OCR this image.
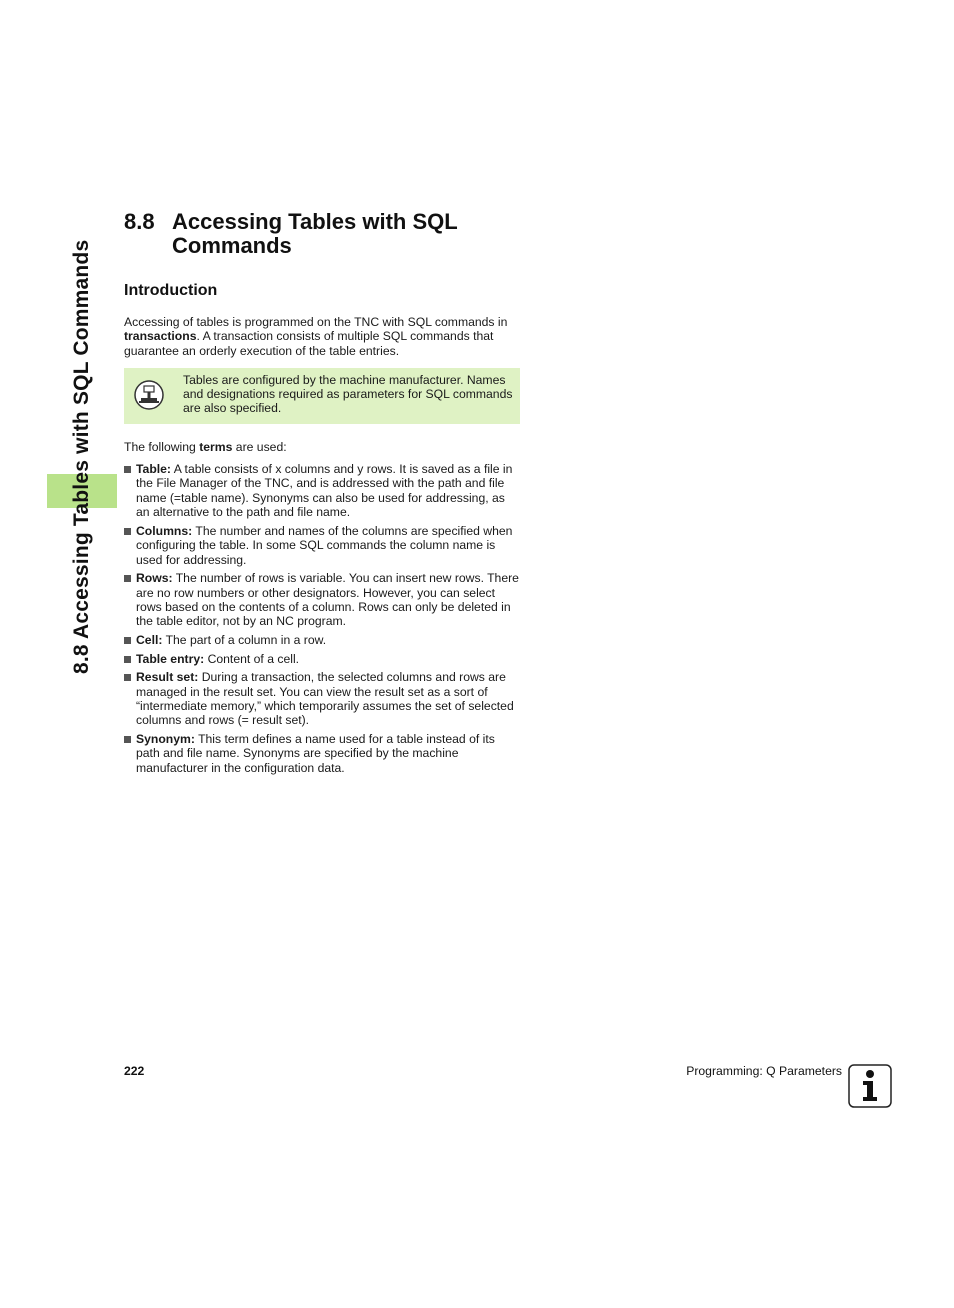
8.8 Accessing Tables with SQL Commands
8.8 Accessing Tables with SQL Commands
Introduction
Accessing of tables is programmed on the TNC with SQL commands in transactions. A transaction consists of multiple SQL commands that guarantee an orderly execution of the table entries.
Tables are configured by the machine manufacturer. Names and designations required as parameters for SQL commands are also specified.
The following terms are used:
Table: A table consists of x columns and y rows. It is saved as a file in the File Manager of the TNC, and is addressed with the path and file name (=table name). Synonyms can also be used for addressing, as an alternative to the path and file name.
Columns: The number and names of the columns are specified when configuring the table. In some SQL commands the column name is used for addressing.
Rows: The number of rows is variable. You can insert new rows. There are no row numbers or other designators. However, you can select rows based on the contents of a column. Rows can only be deleted in the table editor, not by an NC program.
Cell: The part of a column in a row.
Table entry: Content of a cell.
Result set: During a transaction, the selected columns and rows are managed in the result set. You can view the result set as a sort of “intermediate memory,” which temporarily assumes the set of selected columns and rows (= result set).
Synonym: This term defines a name used for a table instead of its path and file name. Synonyms are specified by the machine manufacturer in the configuration data.
222	Programming: Q Parameters
